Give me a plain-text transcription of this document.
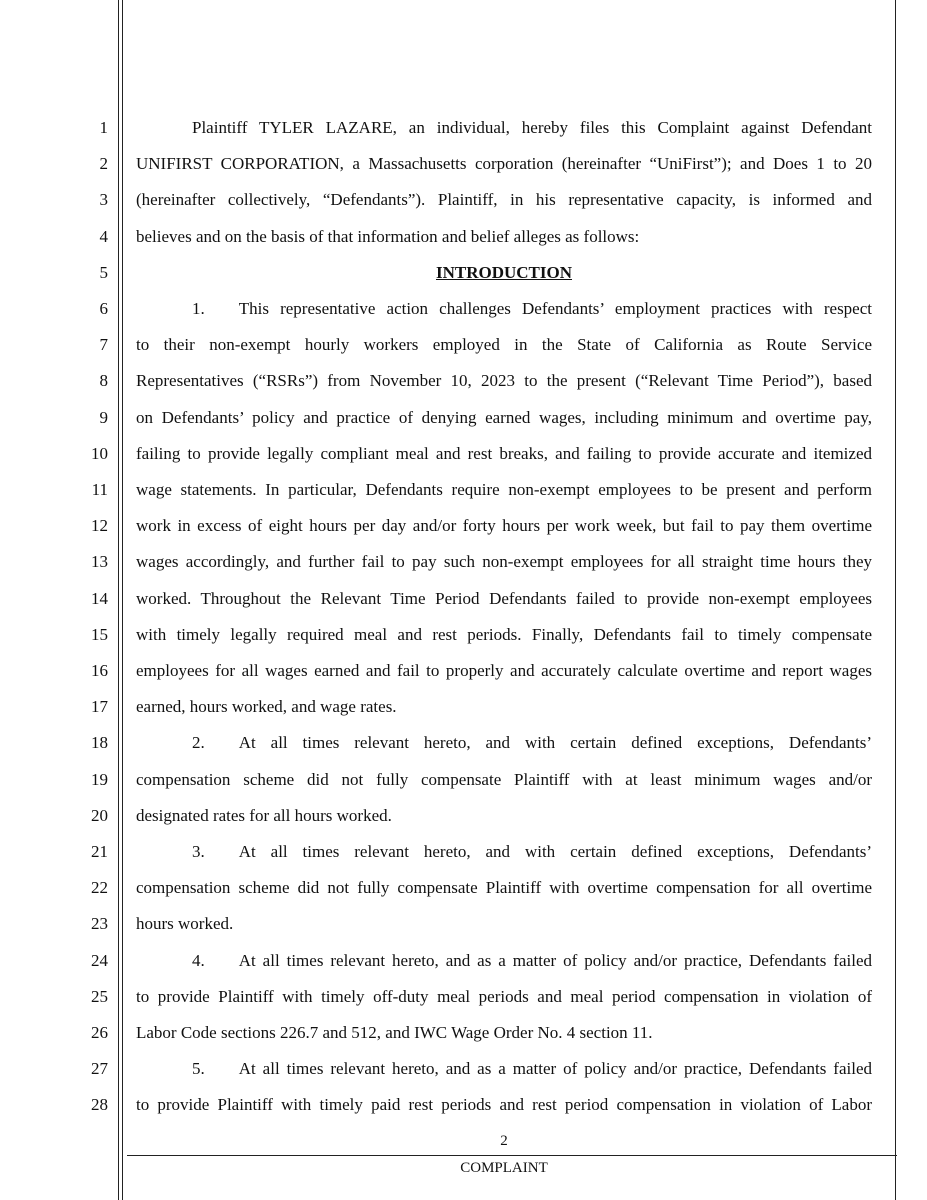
1
2
3
4
5
6
7
8
9
10
11
12
13
14
15
16
17
18
19
20
21
22
23
24
25
26
27
28
Plaintiff TYLER LAZARE, an individual, hereby files this Complaint against Defendant
UNIFIRST CORPORATION, a Massachusetts corporation (hereinafter “UniFirst”); and Does 1 to 20
(hereinafter collectively, “Defendants”). Plaintiff, in his representative capacity, is informed and
believes and on the basis of that information and belief alleges as follows:
INTRODUCTION
1.  This representative action challenges Defendants’ employment practices with respect
to their non-exempt hourly workers employed in the State of California as Route Service
Representatives (“RSRs”) from November 10, 2023 to the present (“Relevant Time Period”), based
on Defendants’ policy and practice of denying earned wages, including minimum and overtime pay,
failing to provide legally compliant meal and rest breaks, and failing to provide accurate and itemized
wage statements. In particular, Defendants require non-exempt employees to be present and perform
work in excess of eight hours per day and/or forty hours per work week, but fail to pay them overtime
wages accordingly, and further fail to pay such non-exempt employees for all straight time hours they
worked. Throughout the Relevant Time Period Defendants failed to provide non-exempt employees
with timely legally required meal and rest periods. Finally, Defendants fail to timely compensate
employees for all wages earned and fail to properly and accurately calculate overtime and report wages
earned, hours worked, and wage rates.
2.  At all times relevant hereto, and with certain defined exceptions, Defendants’
compensation scheme did not fully compensate Plaintiff with at least minimum wages and/or
designated rates for all hours worked.
3.  At all times relevant hereto, and with certain defined exceptions, Defendants’
compensation scheme did not fully compensate Plaintiff with overtime compensation for all overtime
hours worked.
4.  At all times relevant hereto, and as a matter of policy and/or practice, Defendants failed
to provide Plaintiff with timely off-duty meal periods and meal period compensation in violation of
Labor Code sections 226.7 and 512, and IWC Wage Order No. 4 section 11.
5.  At all times relevant hereto, and as a matter of policy and/or practice, Defendants failed
to provide Plaintiff with timely paid rest periods and rest period compensation in violation of Labor
2
COMPLAINT
